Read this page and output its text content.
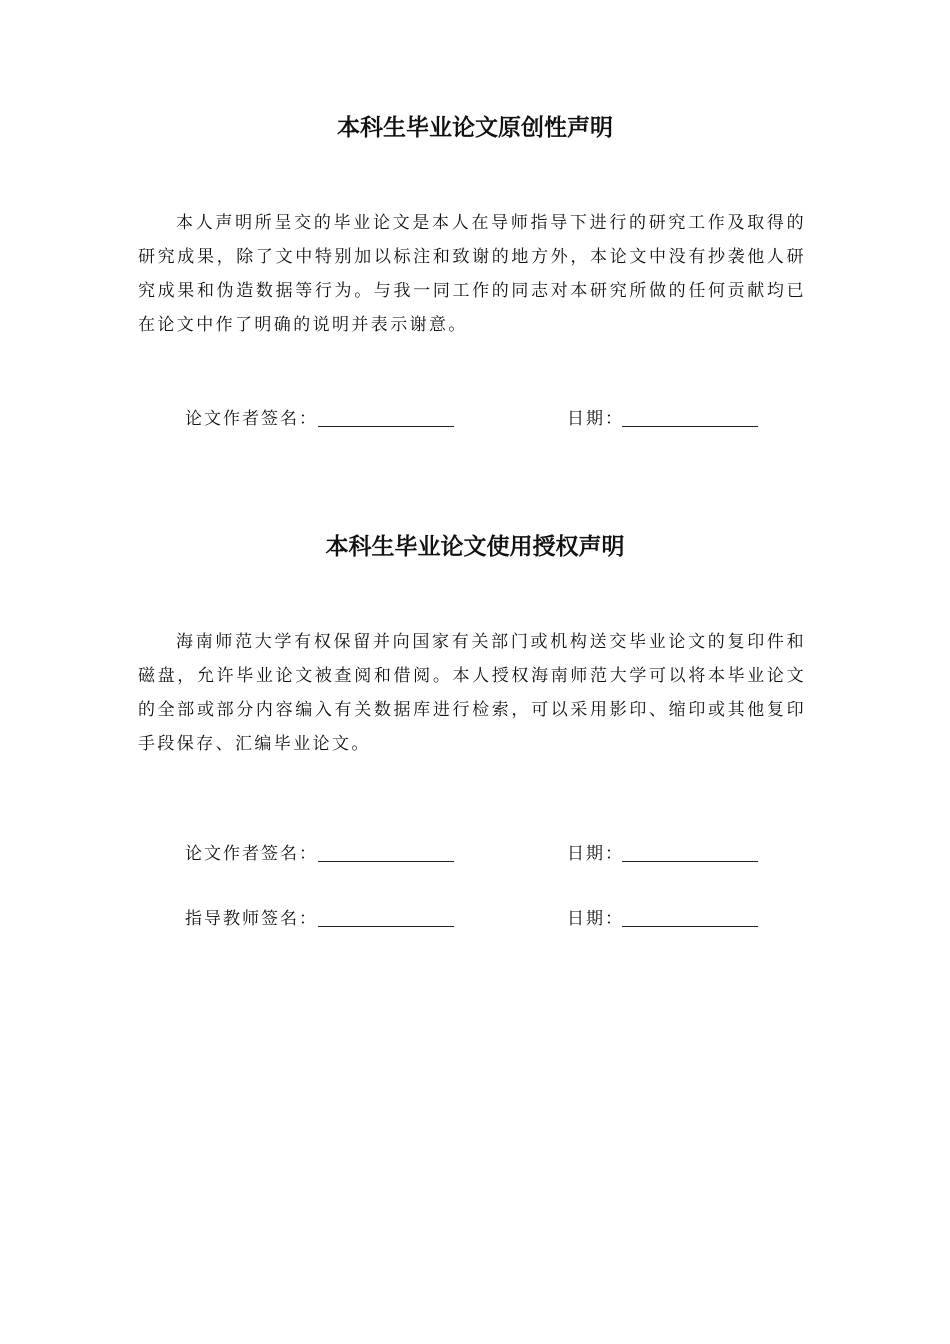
本科生毕业论文原创性声明

本人声明所呈交的毕业论文是本人在导师指导下进行的研究工作及取得的研究成果，除了文中特别加以标注和致谢的地方外，本论文中没有抄袭他人研究成果和伪造数据等行为。与我一同工作的同志对本研究所做的任何贡献均已在论文中作了明确的说明并表示谢意。

论文作者签名：	日期：
本科生毕业论文使用授权声明

海南师范大学有权保留并向国家有关部门或机构送交毕业论文的复印件和磁盘，允许毕业论文被查阅和借阅。本人授权海南师范大学可以将本毕业论文的全部或部分内容编入有关数据库进行检索，可以采用影印、缩印或其他复印手段保存、汇编毕业论文。

论文作者签名：	日期：
指导教师签名：	日期：
